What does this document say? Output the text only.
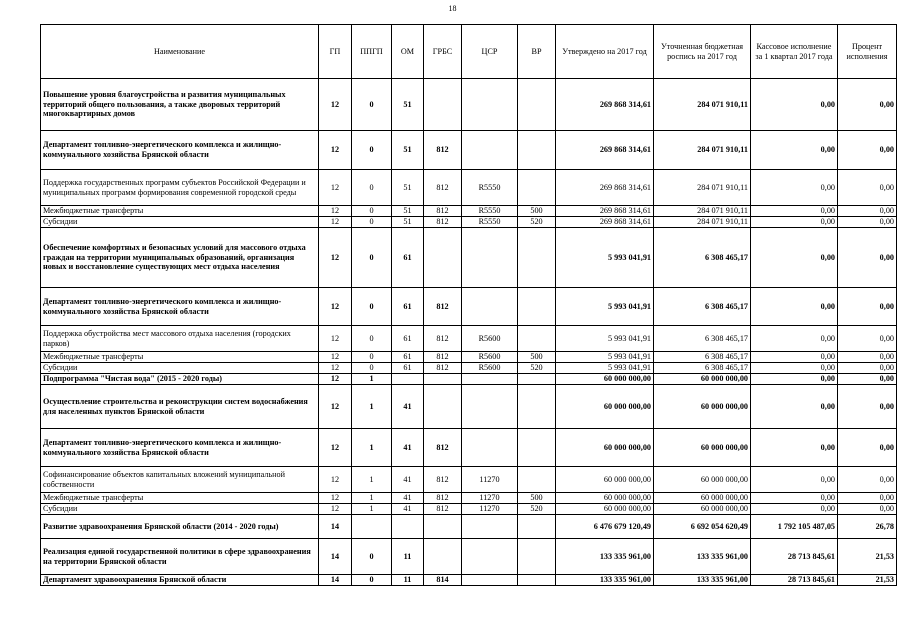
18
Наименование	ГП	ППГП	ОМ	ГРБС	ЦСР	ВР	Утверждено на 2017 год	Уточненная бюджетная роспись на 2017 год	Кассовое исполнение за 1 квартал 2017 года	Процент исполнения
Повышение уровня благоустройства и развития муниципальных территорий общего пользования, а также дворовых территорий многоквартирных домов	12	0	51				269 868 314,61	284 071 910,11	0,00	0,00
Департамент топливно-энергетического комплекса и жилищно-коммунального хозяйства Брянской области	12	0	51	812			269 868 314,61	284 071 910,11	0,00	0,00
Поддержка государственных программ субъектов Российской Федерации и муниципальных программ формирования современной городской среды	12	0	51	812	R5550		269 868 314,61	284 071 910,11	0,00	0,00
Межбюджетные трансферты	12	0	51	812	R5550	500	269 868 314,61	284 071 910,11	0,00	0,00
Субсидии	12	0	51	812	R5550	520	269 868 314,61	284 071 910,11	0,00	0,00
Обеспечение комфортных и безопасных условий для массового отдыха граждан на территории муниципальных образований, организация новых и восстановление существующих мест отдыха населения	12	0	61				5 993 041,91	6 308 465,17	0,00	0,00
Департамент топливно-энергетического комплекса и жилищно-коммунального хозяйства Брянской области	12	0	61	812			5 993 041,91	6 308 465,17	0,00	0,00
Поддержка обустройства мест массового отдыха населения (городских парков)	12	0	61	812	R5600		5 993 041,91	6 308 465,17	0,00	0,00
Межбюджетные трансферты	12	0	61	812	R5600	500	5 993 041,91	6 308 465,17	0,00	0,00
Субсидии	12	0	61	812	R5600	520	5 993 041,91	6 308 465,17	0,00	0,00
Подпрограмма "Чистая вода" (2015 - 2020 годы)	12	1					60 000 000,00	60 000 000,00	0,00	0,00
Осуществление строительства и реконструкции систем водоснабжения для населенных пунктов Брянской области	12	1	41				60 000 000,00	60 000 000,00	0,00	0,00
Департамент топливно-энергетического комплекса и жилищно-коммунального хозяйства Брянской области	12	1	41	812			60 000 000,00	60 000 000,00	0,00	0,00
Софинансирование объектов капитальных вложений муниципальной собственности	12	1	41	812	11270		60 000 000,00	60 000 000,00	0,00	0,00
Межбюджетные трансферты	12	1	41	812	11270	500	60 000 000,00	60 000 000,00	0,00	0,00
Субсидии	12	1	41	812	11270	520	60 000 000,00	60 000 000,00	0,00	0,00
Развитие здравоохранения Брянской области (2014 - 2020 годы)	14						6 476 679 120,49	6 692 054 620,49	1 792 105 487,05	26,78
Реализация единой государственной политики в сфере здравоохранения на территории Брянской области	14	0	11				133 335 961,00	133 335 961,00	28 713 845,61	21,53
Департамент здравоохранения Брянской области	14	0	11	814			133 335 961,00	133 335 961,00	28 713 845,61	21,53
